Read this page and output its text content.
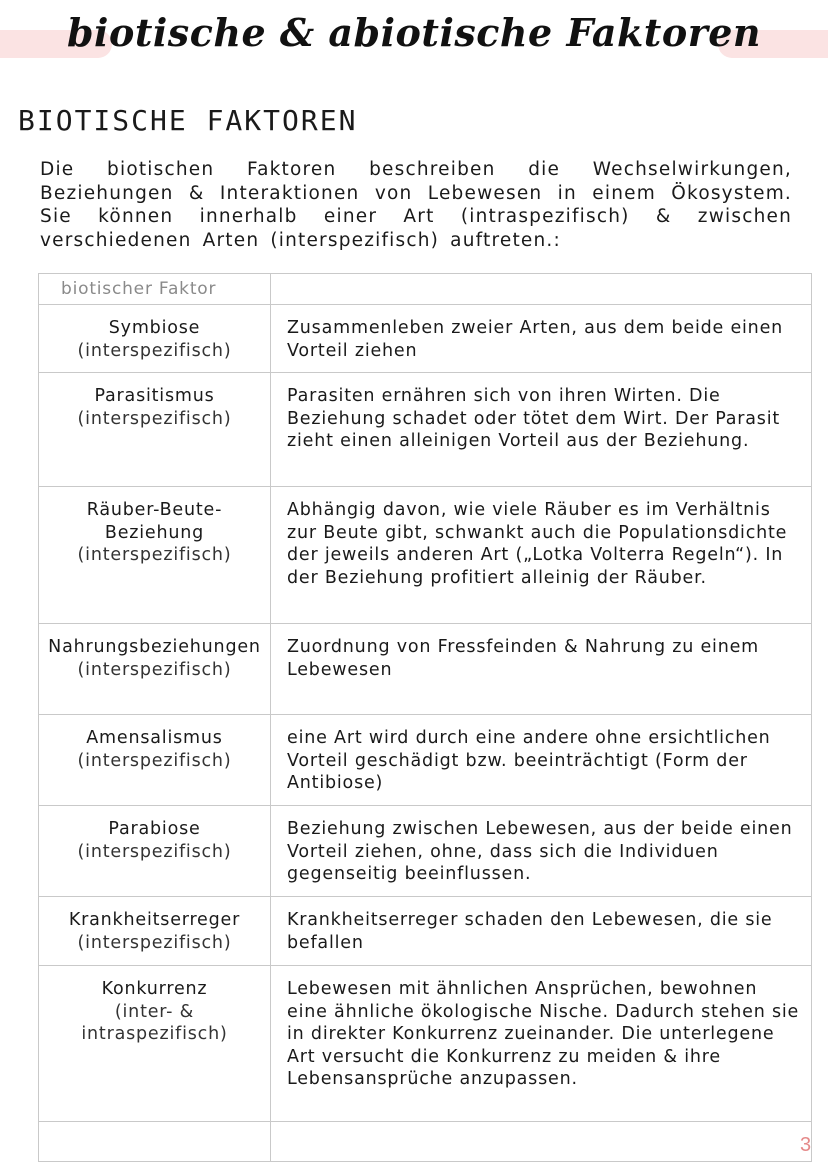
biotische & abiotische Faktoren
BIOTISCHE FAKTOREN
Die biotischen Faktoren beschreiben die Wechselwirkungen, Beziehungen & Interaktionen von Lebewesen in einem Ökosystem. Sie können innerhalb einer Art (intraspezifisch) & zwischen verschiedenen Arten (interspezifisch) auftreten.:
biotischer Faktor	

Symbiose
(interspezifisch)	Zusammenleben zweier Arten, aus dem beide einen Vorteil ziehen

Parasitismus
(interspezifisch)	Parasiten ernähren sich von ihren Wirten. Die Beziehung schadet oder tötet dem Wirt. Der Parasit zieht einen alleinigen Vorteil aus der Beziehung.

Räuber-Beute-Beziehung
(interspezifisch)	Abhängig davon, wie viele Räuber es im Verhältnis zur Beute gibt, schwankt auch die Populationsdichte der jeweils anderen Art („Lotka Volterra Regeln“). In der Beziehung profitiert alleinig der Räuber.

Nahrungsbeziehungen
(interspezifisch)	Zuordnung von Fressfeinden & Nahrung zu einem Lebewesen

Amensalismus
(interspezifisch)	eine Art wird durch eine andere ohne ersichtlichen Vorteil geschädigt bzw. beeinträchtigt (Form der Antibiose)

Parabiose
(interspezifisch)	Beziehung zwischen Lebewesen, aus der beide einen Vorteil ziehen, ohne, dass sich die Individuen gegenseitig beeinflussen.

Krankheitserreger
(interspezifisch)	Krankheitserreger schaden den Lebewesen, die sie befallen

Konkurrenz
(inter- & intraspezifisch)	Lebewesen mit ähnlichen Ansprüchen, bewohnen eine ähnliche ökologische Nische. Dadurch stehen sie in direkter Konkurrenz zueinander. Die unterlegene Art versucht die Konkurrenz zu meiden & ihre Lebensansprüche anzupassen.

3
